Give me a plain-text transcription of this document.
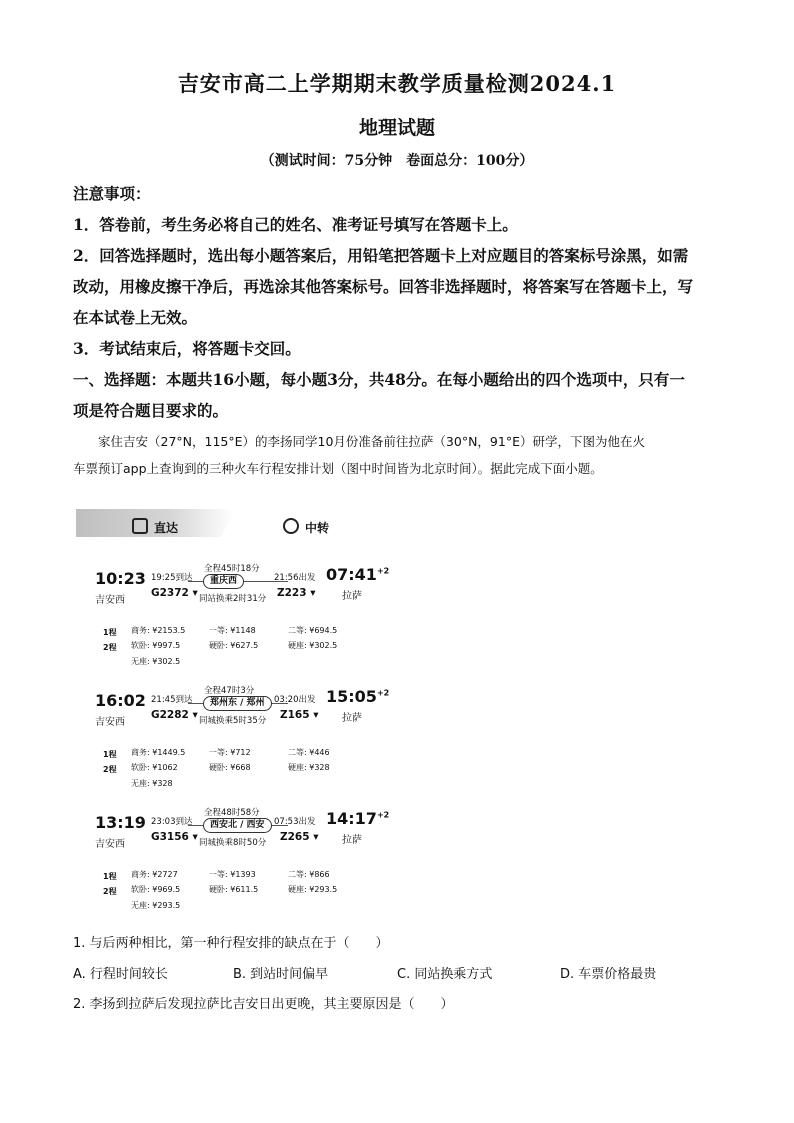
吉安市高二上学期期末教学质量检测2024.1
地理试题
（测试时间：75分钟　卷面总分：100分）

注意事项：

1．答卷前，考生务必将自己的姓名、准考证号填写在答题卡上。

2．回答选择题时，选出每小题答案后，用铅笔把答题卡上对应题目的答案标号涂黑，如需

改动，用橡皮擦干净后，再选涂其他答案标号。回答非选择题时，将答案写在答题卡上，写

在本试卷上无效。

3．考试结束后，将答题卡交回。

一、选择题：本题共16小题，每小题3分，共48分。在每小题给出的四个选项中，只有一

项是符合题目要求的。

家住吉安（27°N，115°E）的李扬同学10月份准备前往拉萨（30°N，91°E）研学，下图为他在火

车票预订app上查询到的三种火车行程安排计划（图中时间皆为北京时间）。据此完成下面小题。

直达	中转
10:23
吉安西
19:25到达
G2372 ▾
全程45时18分
重庆西
同站换乘2时31分
21:56出发
Z223 ▾
$07:41^{+2}$
拉萨
1程
2程
商务: ¥2153.5
软卧: ¥997.5
无座: ¥302.5
一等: ¥1148
硬卧: ¥627.5
二等: ¥694.5
硬座: ¥302.5
16:02
吉安西
21:45到达
G2282 ▾
全程47时3分
郑州东 / 郑州
同城换乘5时35分
03:20出发
Z165 ▾
$15:05^{+2}$
拉萨
1程
2程
商务: ¥1449.5
软卧: ¥1062
无座: ¥328
一等: ¥712
硬卧: ¥668
二等: ¥446
硬座: ¥328
13:19
吉安西
23:03到达
G3156 ▾
全程48时58分
西安北 / 西安
同城换乘8时50分
07:53出发
Z265 ▾
$14:17^{+2}$
拉萨
1程
2程
商务: ¥2727
软卧: ¥969.5
无座: ¥293.5
一等: ¥1393
硬卧: ¥611.5
二等: ¥866
硬座: ¥293.5
1. 与后两种相比，第一种行程安排的缺点在于（　　）
A. 行程时间较长	B. 到站时间偏早	C. 同站换乘方式	D. 车票价格最贵
2. 李扬到拉萨后发现拉萨比吉安日出更晚，其主要原因是（　　）
